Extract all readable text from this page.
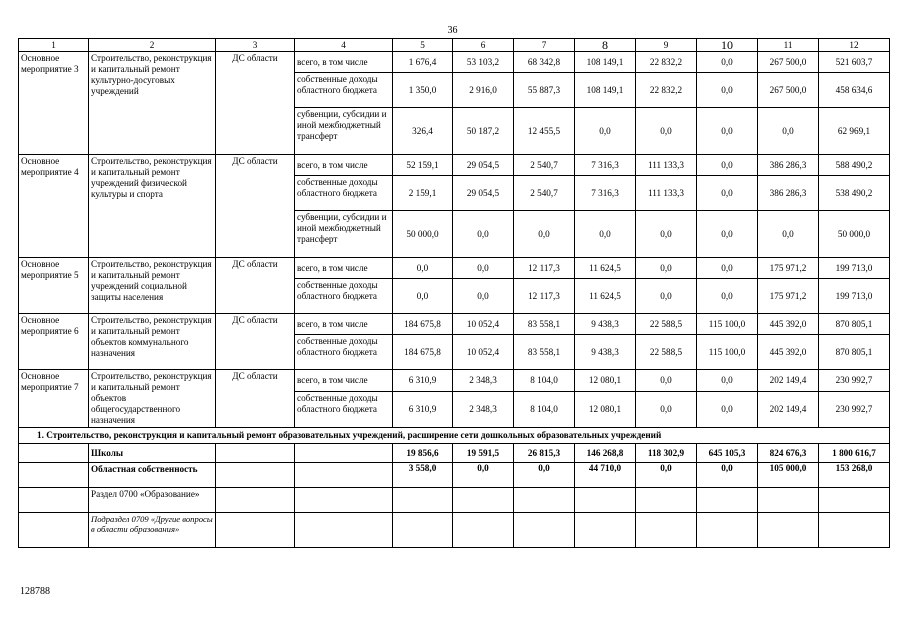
36
1	2	3	4	5	6	7	8	9	10	11	12
Основное мероприятие 3	Строительство, реконструкция и капитальный ремонт культурно-досуговых учреждений	ДС области	всего, в том числе	1 676,4	53 103,2	68 342,8	108 149,1	22 832,2	0,0	267 500,0	521 603,7
			собственные доходы областного бюджета	1 350,0	2 916,0	55 887,3	108 149,1	22 832,2	0,0	267 500,0	458 634,6
			субвенции, субсидии и иной межбюджетный трансферт	326,4	50 187,2	12 455,5	0,0	0,0	0,0	0,0	62 969,1
Основное мероприятие 4	Строительство, реконструкция и капитальный ремонт учреждений физической культуры и спорта	ДС области	всего, в том числе	52 159,1	29 054,5	2 540,7	7 316,3	111 133,3	0,0	386 286,3	588 490,2
			собственные доходы областного бюджета	2 159,1	29 054,5	2 540,7	7 316,3	111 133,3	0,0	386 286,3	538 490,2
			субвенции, субсидии и иной межбюджетный трансферт	50 000,0	0,0	0,0	0,0	0,0	0,0	0,0	50 000,0
Основное мероприятие 5	Строительство, реконструкция и капитальный ремонт учреждений социальной защиты населения	ДС области	всего, в том числе	0,0	0,0	12 117,3	11 624,5	0,0	0,0	175 971,2	199 713,0
			собственные доходы областного бюджета	0,0	0,0	12 117,3	11 624,5	0,0	0,0	175 971,2	199 713,0
Основное мероприятие 6	Строительство, реконструкция и капитальный ремонт объектов коммунального назначения	ДС области	всего, в том числе	184 675,8	10 052,4	83 558,1	9 438,3	22 588,5	115 100,0	445 392,0	870 805,1
			собственные доходы областного бюджета	184 675,8	10 052,4	83 558,1	9 438,3	22 588,5	115 100,0	445 392,0	870 805,1
Основное мероприятие 7	Строительство, реконструкция и капитальный ремонт объектов общегосударственного назначения	ДС области	всего, в том числе	6 310,9	2 348,3	8 104,0	12 080,1	0,0	0,0	202 149,4	230 992,7
			собственные доходы областного бюджета	6 310,9	2 348,3	8 104,0	12 080,1	0,0	0,0	202 149,4	230 992,7
1. Строительство, реконструкция и капитальный ремонт образовательных учреждений, расширение сети дошкольных образовательных учреждений											
	Школы			19 856,6	19 591,5	26 815,3	146 268,8	118 302,9	645 105,3	824 676,3	1 800 616,7
	Областная собственность			3 558,0	0,0	0,0	44 710,0	0,0	0,0	105 000,0	153 268,0
	Раздел 0700 «Образование»										
	Подраздел 0709 «Другие вопросы в области образования»										
128788
